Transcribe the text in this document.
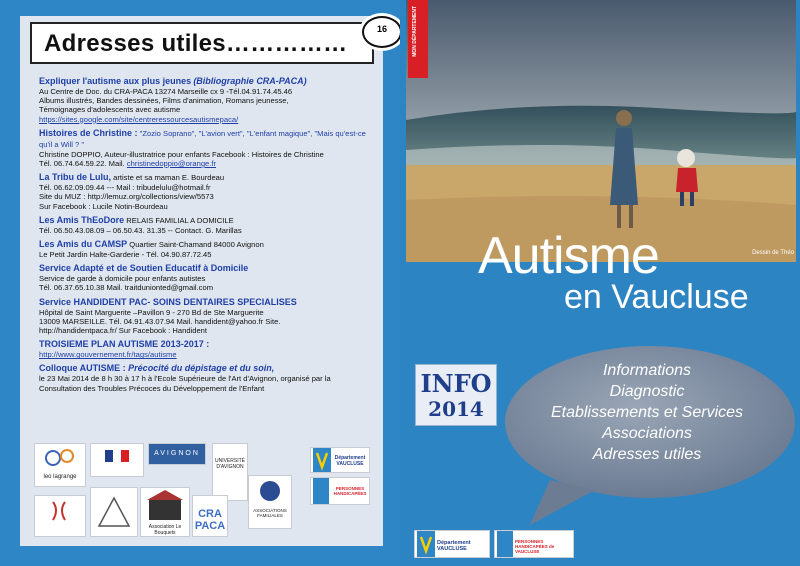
Adresses utiles……………
16
Expliquer l'autisme aux plus jeunes (Bibliographie CRA-PACA)
Au Centre de Doc. du CRA-PACA 13274 Marseille cx 9 -Tél.04.91.74.45.46
Albums illustrés, Bandes dessinées, Films d'animation, Romans jeunesse,
Témoignages d'adolescents avec autisme
https://sites.google.com/site/centreressourcesautismepaca/
Histoires de Christine : "Zozio Soprano", "L'avion vert", "L'enfant magique", "Mais qu'est-ce qu'il a Will ? "
Christine DOPPIO, Auteur-illustratrice pour enfants Facebook : Histoires de Christine
Tél. 06.74.64.59.22. Mail. christinedoppio@orange.fr
La Tribu de Lulu, artiste et sa maman E. Bourdeau
Tél. 06.62.09.09.44 --- Mail : tribudelulu@hotmail.fr
Site du MUZ : http://lemuz.org/collections/view/5573
Sur Facebook : Lucile Notin-Bourdeau
Les Amis ThEoDore RELAIS FAMILIAL A DOMICILE
Tél. 06.50.43.08.09 – 06.50.43. 31.35 -- Contact. G. Marillas
Les Amis du CAMSP Quartier Saint-Chamand 84000 Avignon
Le Petit Jardin Halte-Garderie - Tél. 04.90.87.72.45
Service Adapté et de Soutien Educatif à Domicile
Service de garde à domicile pour enfants autistes
Tél. 06.37.65.10.38 Mail. traitdunionted@gmail.com
Service HANDIDENT PAC- SOINS DENTAIRES SPECIALISES
Hôpital de Saint Marguerite –Pavillon 9 - 270 Bd de Ste Marguerite
13009 MARSEILLE. Tél. 04.91.43.07.94 Mail. handident@yahoo.fr Site.
http://handidentpaca.fr/ Sur Facebook : Handident
TROISIEME PLAN AUTISME 2013-2017 :
http://www.gouvernement.fr/tags/autisme
Colloque AUTISME : Précocité du dépistage et du soin,
le 23 Mai 2014 de 8 h 30 à 17 h à l'Ecole Supérieure de l'Art d'Avignon, organisé par la
Consultation des Troubles Précoces du Développement de l'Enfant
leo lagrange
AVIGNON
UNIVERSITÉ D'AVIGNON
Département VAUCLUSE
Association Le Bouquets
CRA PACA
ASSOCIATIONS FAMILIALES
PERSONNES HANDICAPÉES
MON DÉPARTEMENT
Dessin de Théo
Autisme
en Vaucluse
INFO
2014
Informations
Diagnostic
Etablissements et Services
Associations
Adresses utiles
Département VAUCLUSE
PERSONNES HANDICAPÉES de VAUCLUSE
